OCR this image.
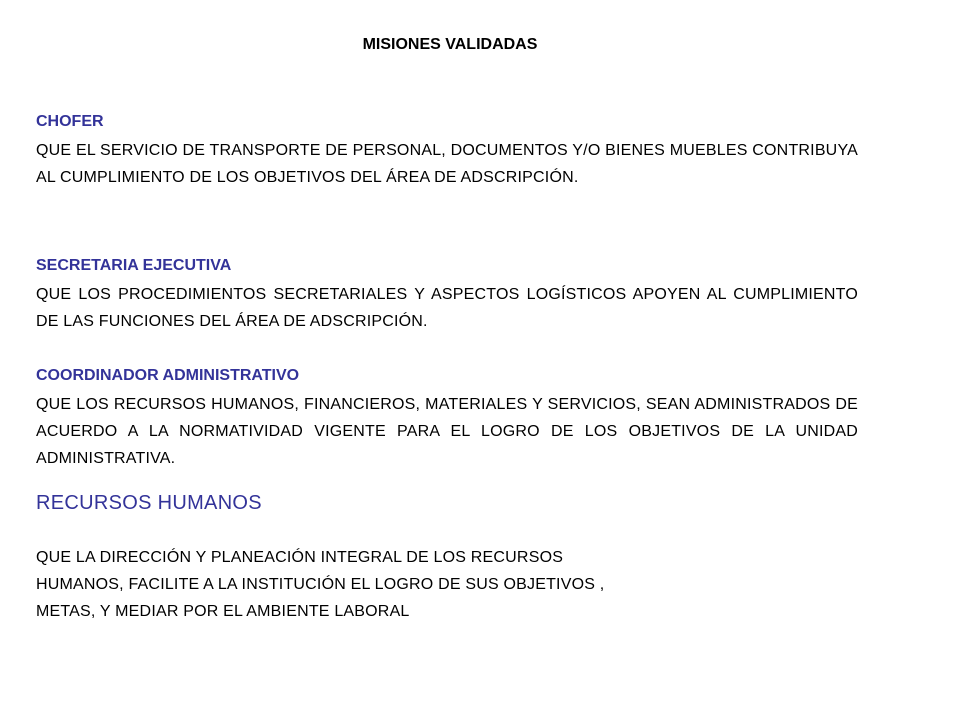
MISIONES VALIDADAS
CHOFER

QUE EL SERVICIO DE TRANSPORTE DE PERSONAL, DOCUMENTOS Y/O BIENES MUEBLES CONTRIBUYA AL CUMPLIMIENTO DE LOS OBJETIVOS DEL ÁREA DE ADSCRIPCIÓN.

SECRETARIA EJECUTIVA

QUE LOS PROCEDIMIENTOS SECRETARIALES Y ASPECTOS LOGÍSTICOS APOYEN AL CUMPLIMIENTO DE LAS FUNCIONES DEL ÁREA DE ADSCRIPCIÓN.

COORDINADOR ADMINISTRATIVO

QUE LOS RECURSOS HUMANOS, FINANCIEROS, MATERIALES Y SERVICIOS, SEAN ADMINISTRADOS DE ACUERDO A LA NORMATIVIDAD VIGENTE PARA EL LOGRO DE LOS OBJETIVOS DE LA UNIDAD ADMINISTRATIVA.

RECURSOS HUMANOS
QUE LA DIRECCIÓN Y PLANEACIÓN INTEGRAL DE LOS RECURSOS
HUMANOS, FACILITE A LA INSTITUCIÓN EL LOGRO DE SUS OBJETIVOS ,
METAS, Y MEDIAR POR EL AMBIENTE LABORAL
